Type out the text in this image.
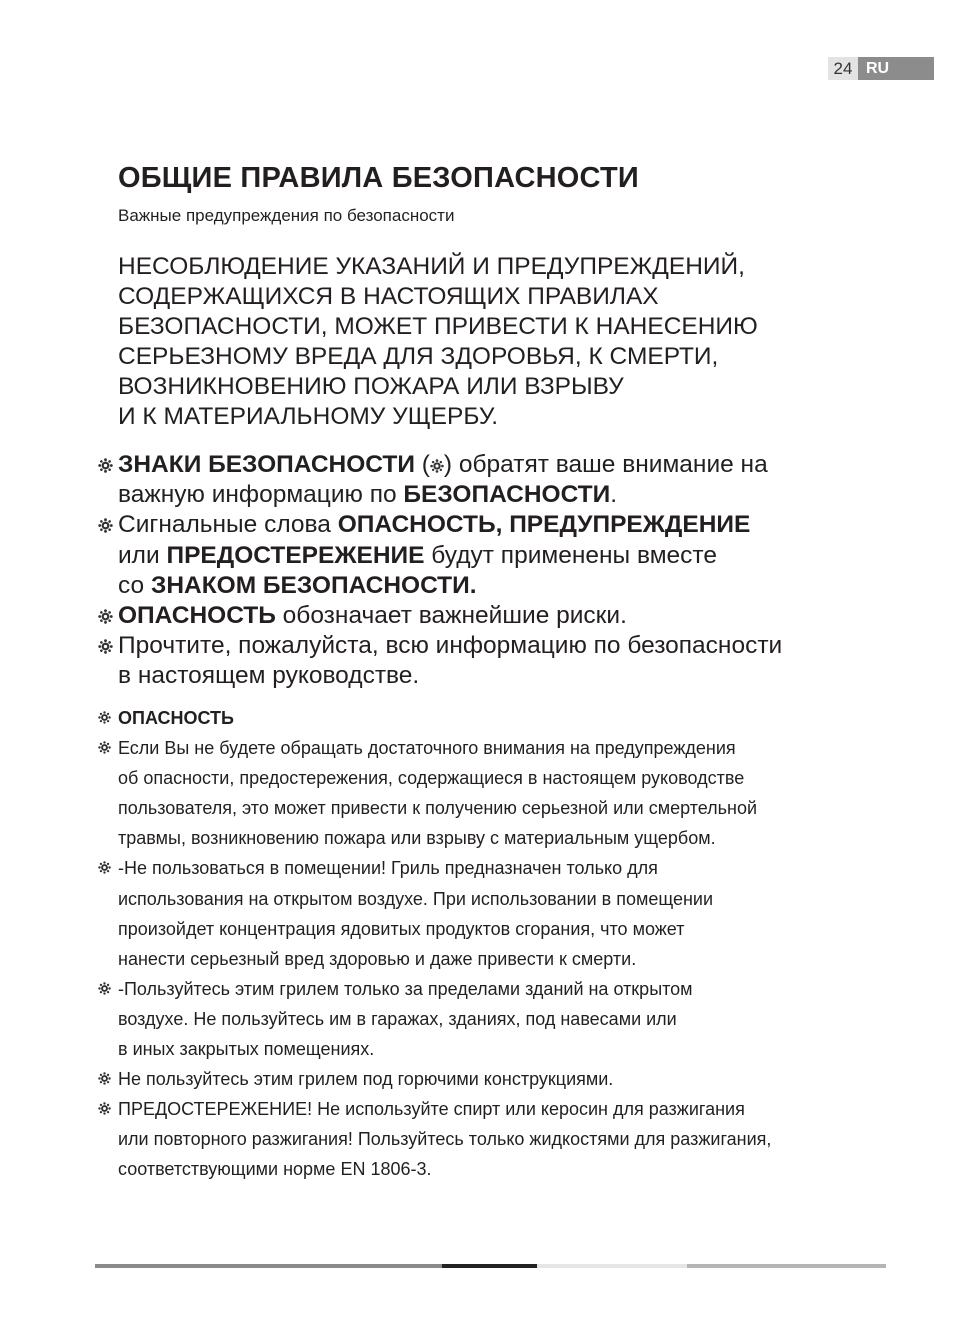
24 RU
ОБЩИЕ ПРАВИЛА БЕЗОПАСНОСТИ

Важные предупреждения по безопасности

НЕСОБЛЮДЕНИЕ УКАЗАНИЙ И ПРЕДУПРЕЖДЕНИЙ,
СОДЕРЖАЩИХСЯ В НАСТОЯЩИХ ПРАВИЛАХ
БЕЗОПАСНОСТИ, МОЖЕТ ПРИВЕСТИ К НАНЕСЕНИЮ
СЕРЬЕЗНОМУ ВРЕДА ДЛЯ ЗДОРОВЬЯ, К СМЕРТИ,
ВОЗНИКНОВЕНИЮ ПОЖАРА ИЛИ ВЗРЫВУ
И К МАТЕРИАЛЬНОМУ УЩЕРБУ.
ЗНАКИ БЕЗОПАСНОСТИ ( ) обратят ваше внимание на
важную информацию по БЕЗОПАСНОСТИ.
Сигнальные слова ОПАСНОСТЬ, ПРЕДУПРЕЖДЕНИЕ
или ПРЕДОСТЕРЕЖЕНИЕ будут применены вместе
со ЗНАКОМ БЕЗОПАСНОСТИ.
ОПАСНОСТЬ обозначает важнейшие риски.
Прочтите, пожалуйста, всю информацию по безопасности
в настоящем руководстве.
ОПАСНОСТЬ
Если Вы не будете обращать достаточного внимания на предупреждения
об опасности, предостережения, содержащиеся в настоящем руководстве
пользователя, это может привести к получению серьезной или смертельной
травмы, возникновению пожара или взрыву с материальным ущербом.
-Не пользоваться в помещении! Гриль предназначен только для
использования на открытом воздухе. При использовании в помещении
произойдет концентрация ядовитых продуктов сгорания, что может
нанести серьезный вред здоровью и даже привести к смерти.
-Пользуйтесь этим грилем только за пределами зданий на открытом
воздухе. Не пользуйтесь им в гаражах, зданиях, под навесами или
в иных закрытых помещениях.
Не пользуйтесь этим грилем под горючими конструкциями.
ПРЕДОСТЕРЕЖЕНИЕ! Не используйте спирт или керосин для разжигания
или повторного разжигания! Пользуйтесь только жидкостями для разжигания,
соответствующими норме EN 1806-3.
